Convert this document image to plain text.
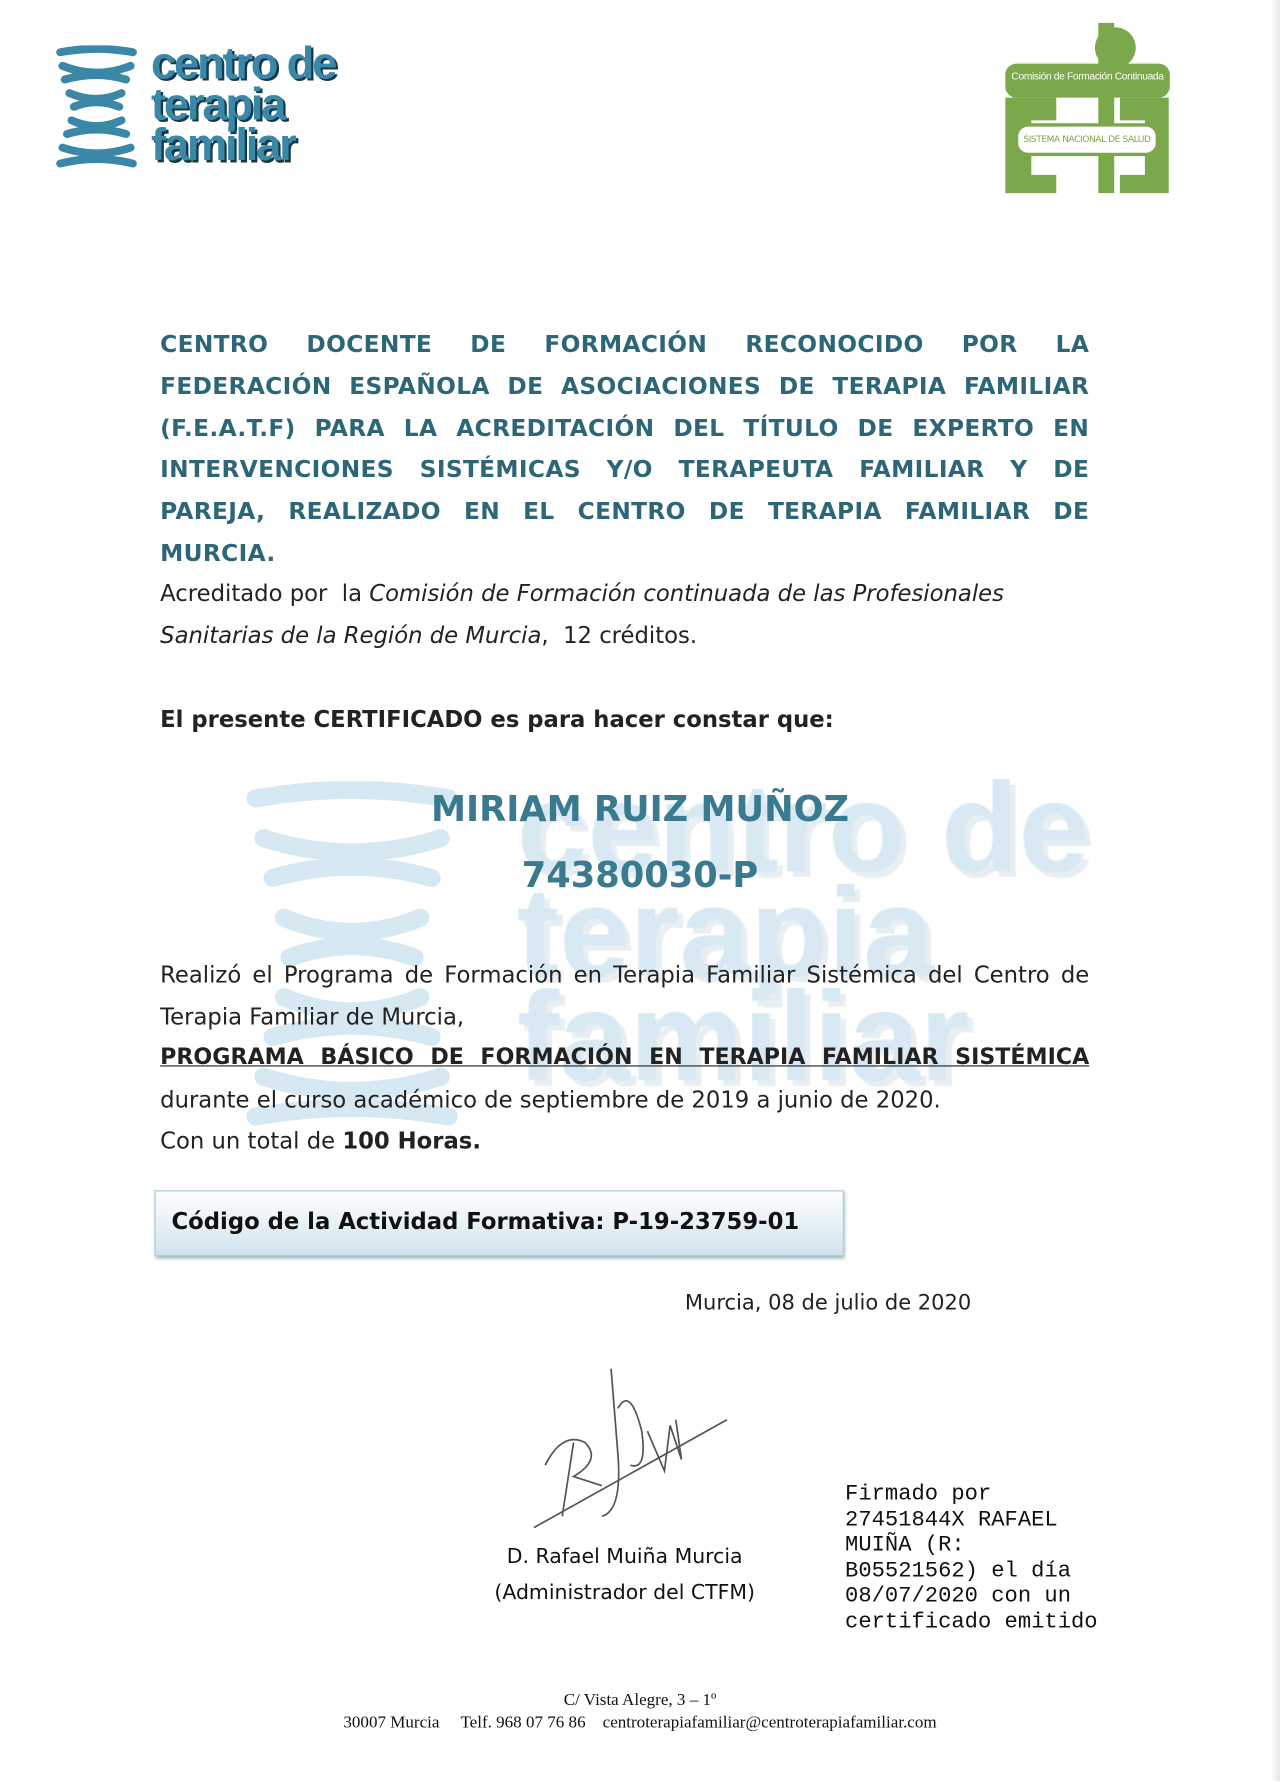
centro de
terapia
familiar
Comisión de Formación Continuada
SISTEMA NACIONAL DE SALUD
CENTRO DOCENTE DE FORMACIÓN RECONOCIDO POR LA FEDERACIÓN ESPAÑOLA DE ASOCIACIONES DE TERAPIA FAMILIAR (F.E.A.T.F) PARA LA ACREDITACIÓN DEL TÍTULO DE EXPERTO EN INTERVENCIONES SISTÉMICAS Y/O TERAPEUTA FAMILIAR Y DE PAREJA, REALIZADO EN EL CENTRO DE TERAPIA FAMILIAR DE MURCIA.
Acreditado por  la Comisión de Formación continuada de las Profesionales Sanitarias de la Región de Murcia,  12 créditos.
El presente CERTIFICADO es para hacer constar que:
MIRIAM RUIZ MUÑOZ
74380030-P
Realizó el Programa de Formación en Terapia Familiar Sistémica del Centro de Terapia Familiar de Murcia,
PROGRAMA BÁSICO DE FORMACIÓN EN TERAPIA FAMILIAR SISTÉMICA
durante el curso académico de septiembre de 2019 a junio de 2020.
Con un total de 100 Horas.
Código de la Actividad Formativa: P-19-23759-01
Murcia, 08 de julio de 2020
D. Rafael Muiña Murcia
(Administrador del CTFM)
Firmado por
27451844X RAFAEL
MUIÑA (R:
B05521562) el día
08/07/2020 con un
certificado emitido
C/ Vista Alegre, 3 – 1º
30007 Murcia Telf. 968 07 76 86 centroterapiafamiliar@centroterapiafamiliar.com
